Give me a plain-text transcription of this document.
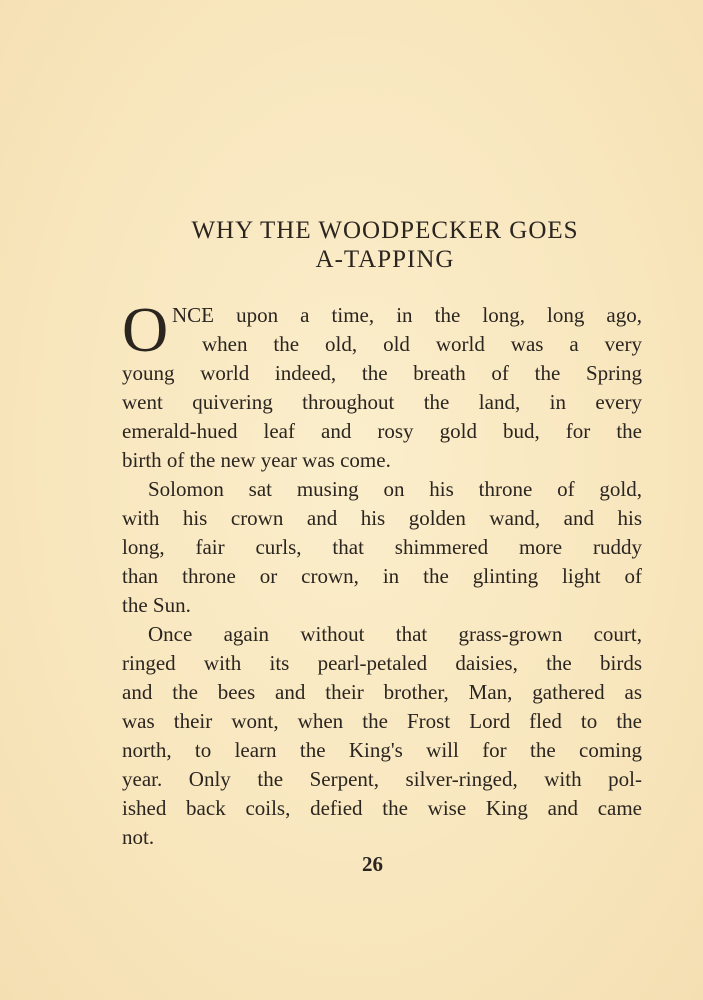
WHY THE WOODPECKER GOES
A-TAPPING
O NCE upon a time, in the long, long ago,
when the old, old world was a very
young world indeed, the breath of the Spring
went quivering throughout the land, in every
emerald-hued leaf and rosy gold bud, for the
birth of the new year was come.
Solomon sat musing on his throne of gold,
with his crown and his golden wand, and his
long, fair curls, that shimmered more ruddy
than throne or crown, in the glinting light of
the Sun.
Once again without that grass-grown court,
ringed with its pearl-petaled daisies, the birds
and the bees and their brother, Man, gathered as
was their wont, when the Frost Lord fled to the
north, to learn the King's will for the coming
year. Only the Serpent, silver-ringed, with pol-
ished back coils, defied the wise King and came
not.
26
